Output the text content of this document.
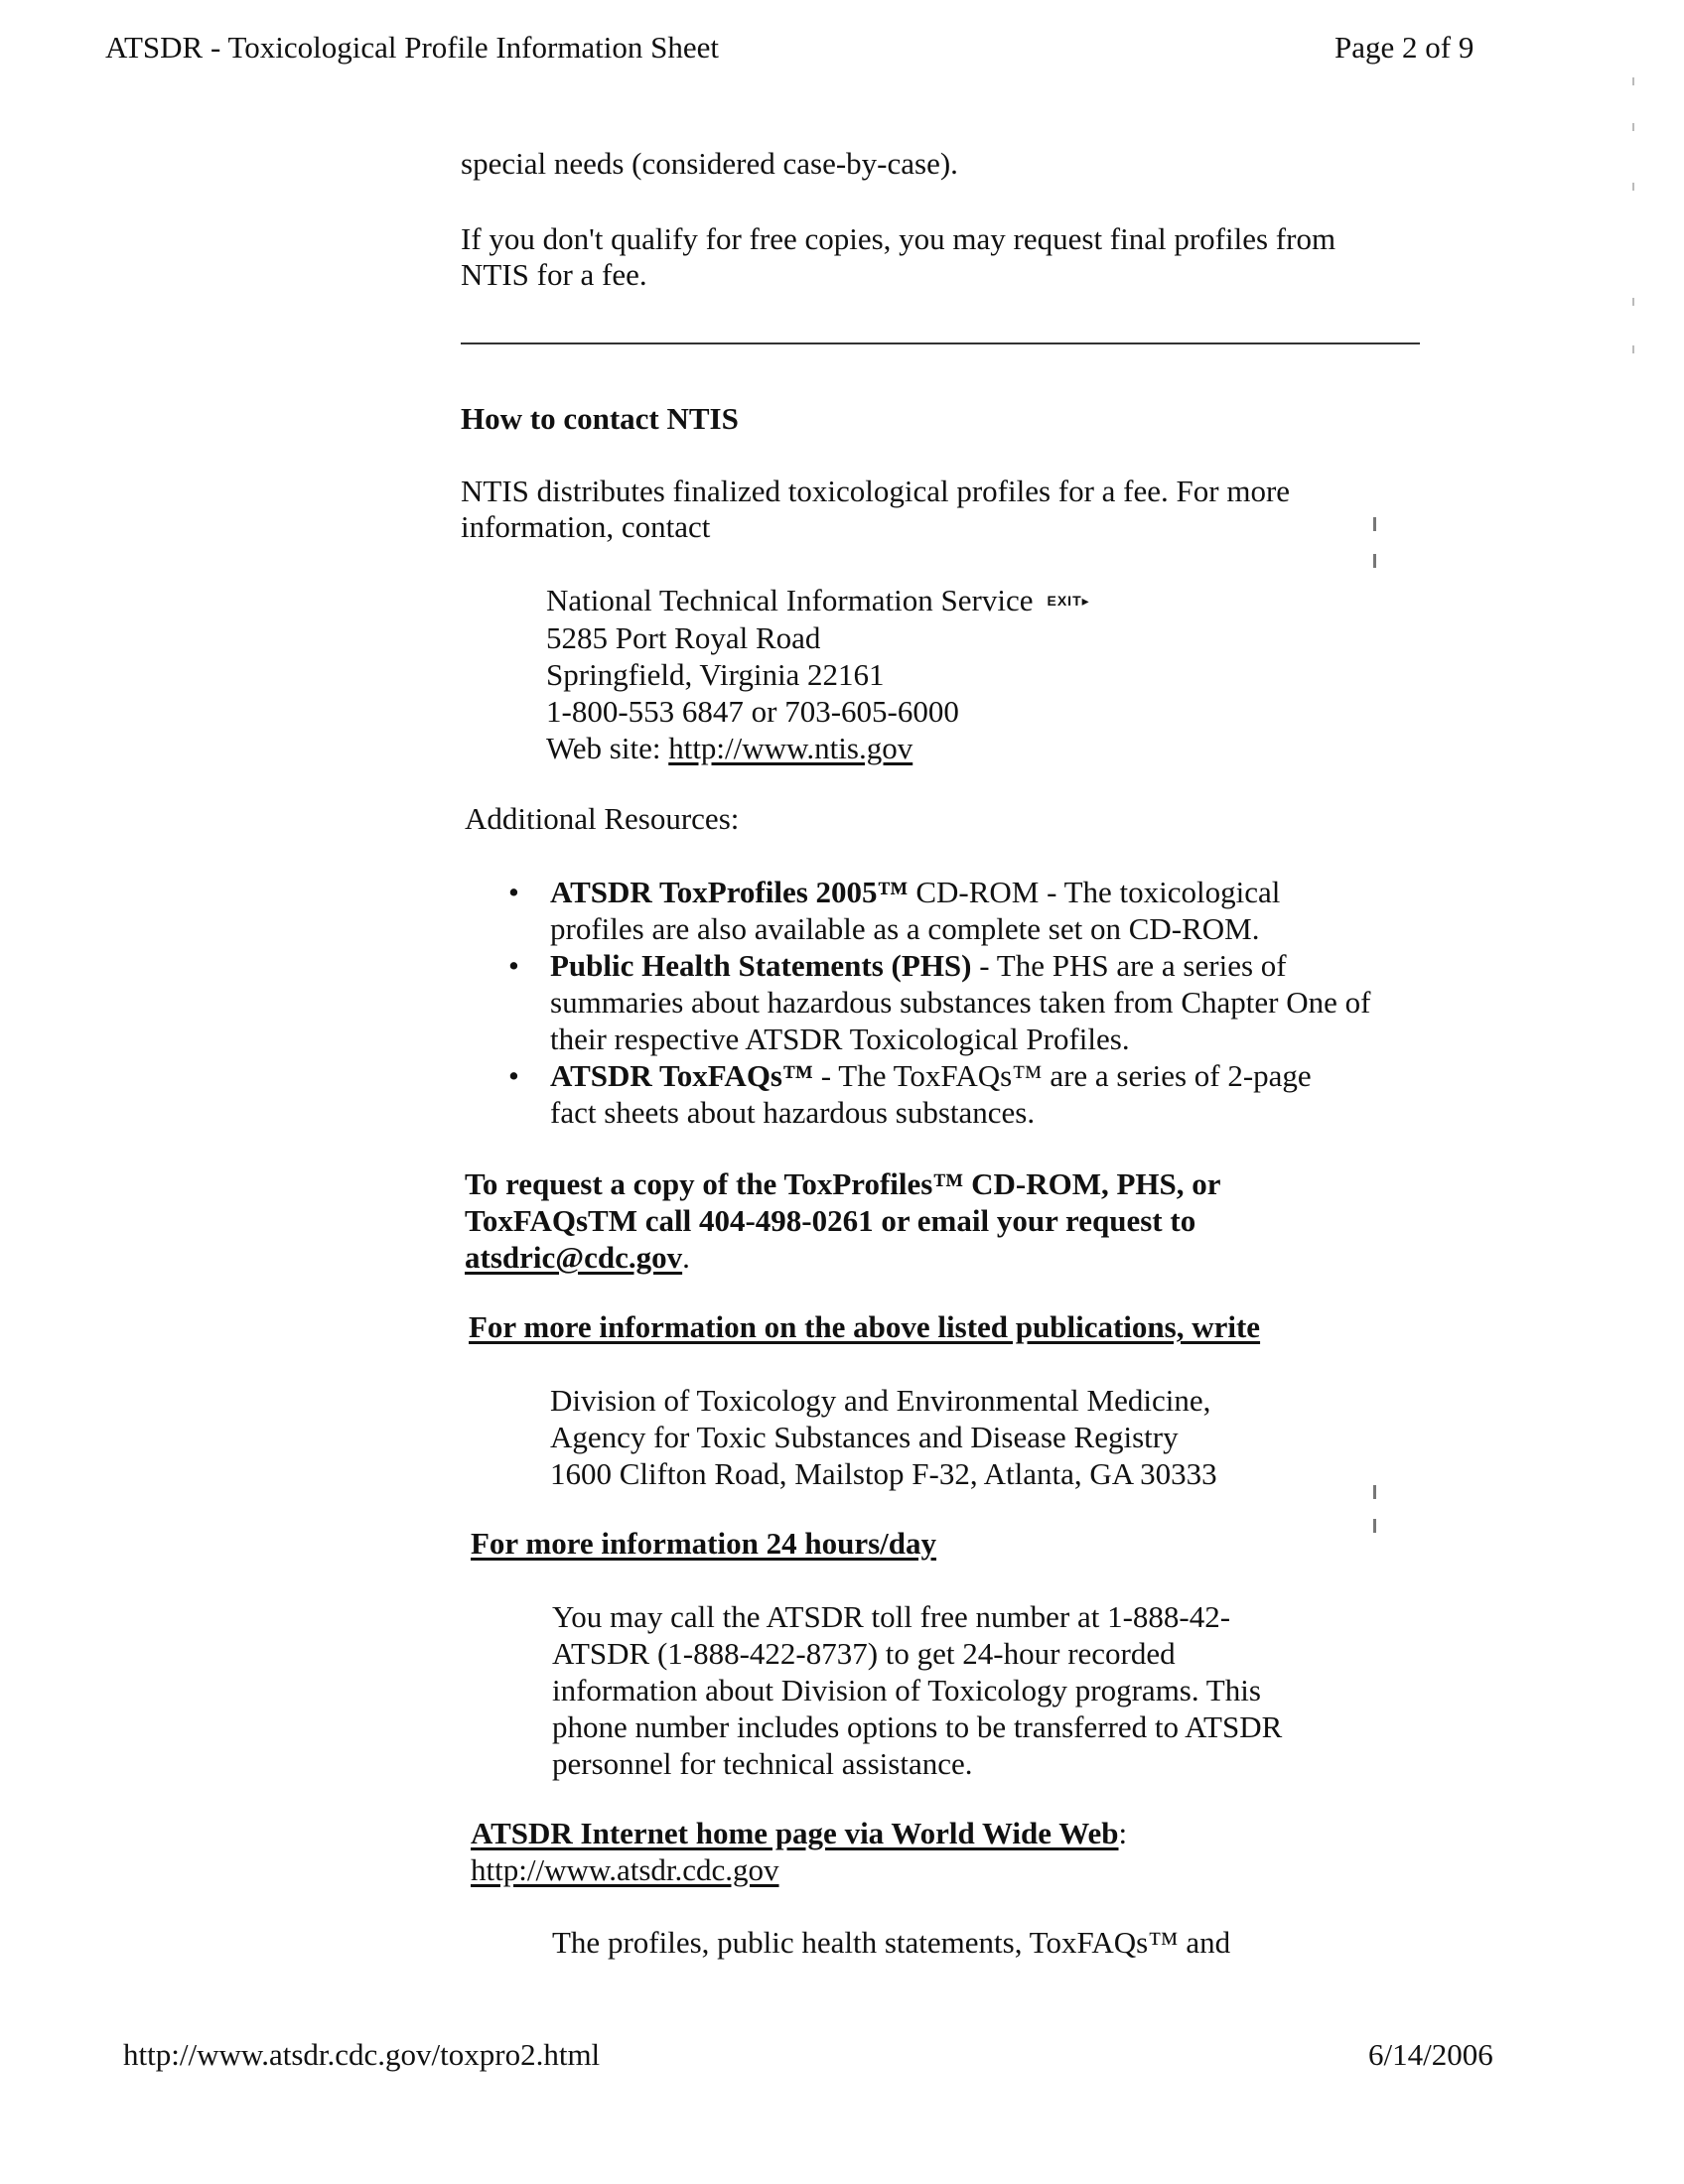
ATSDR - Toxicological Profile Information Sheet	Page 2 of 9
special needs (considered case-by-case).
If you don't qualify for free copies, you may request final profiles from
NTIS for a fee.
How to contact NTIS
NTIS distributes finalized toxicological profiles for a fee. For more
information, contact
National Technical Information Service EXIT▸
5285 Port Royal Road
Springfield, Virginia 22161
1-800-553 6847 or 703-605-6000
Web site: http://www.ntis.gov
Additional Resources:
• ATSDR ToxProfiles 2005™ CD-ROM - The toxicological
profiles are also available as a complete set on CD-ROM.
• Public Health Statements (PHS) - The PHS are a series of
summaries about hazardous substances taken from Chapter One of
their respective ATSDR Toxicological Profiles.
• ATSDR ToxFAQs™ - The ToxFAQs™ are a series of 2-page
fact sheets about hazardous substances.
To request a copy of the ToxProfiles™ CD-ROM, PHS, or
ToxFAQsTM call 404-498-0261 or email your request to
atsdric@cdc.gov.
For more information on the above listed publications, write
Division of Toxicology and Environmental Medicine,
Agency for Toxic Substances and Disease Registry
1600 Clifton Road, Mailstop F-32, Atlanta, GA 30333
For more information 24 hours/day
You may call the ATSDR toll free number at 1-888-42-
ATSDR (1-888-422-8737) to get 24-hour recorded
information about Division of Toxicology programs. This
phone number includes options to be transferred to ATSDR
personnel for technical assistance.
ATSDR Internet home page via World Wide Web:
http://www.atsdr.cdc.gov
The profiles, public health statements, ToxFAQs™ and
http://www.atsdr.cdc.gov/toxpro2.html	6/14/2006
